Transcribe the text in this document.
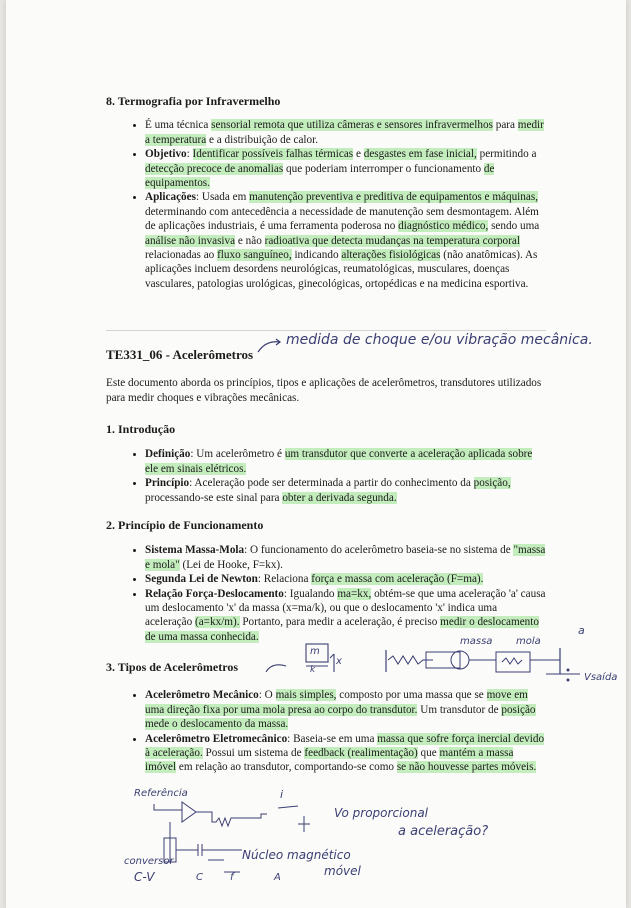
8. Termografia por Infravermelho
• É uma técnica sensorial remota que utiliza câmeras e sensores infravermelhos para medir a temperatura e a distribuição de calor.
• Objetivo: Identificar possíveis falhas térmicas e desgastes em fase inicial, permitindo a detecção precoce de anomalias que poderiam interromper o funcionamento de equipamentos.
• Aplicações: Usada em manutenção preventiva e preditiva de equipamentos e máquinas, determinando com antecedência a necessidade de manutenção sem desmontagem. Além de aplicações industriais, é uma ferramenta poderosa no diagnóstico médico, sendo uma análise não invasiva e não radioativa que detecta mudanças na temperatura corporal relacionadas ao fluxo sanguíneo, indicando alterações fisiológicas (não anatômicas). As aplicações incluem desordens neurológicas, reumatológicas, musculares, doenças vasculares, patologias urológicas, ginecológicas, ortopédicas e na medicina esportiva.
TE331_06 - Acelerômetros

Este documento aborda os princípios, tipos e aplicações de acelerômetros, transdutores utilizados para medir choques e vibrações mecânicas.

1. Introdução
• Definição: Um acelerômetro é um transdutor que converte a aceleração aplicada sobre ele em sinais elétricos.
• Princípio: Aceleração pode ser determinada a partir do conhecimento da posição, processando-se este sinal para obter a derivada segunda.
2. Princípio de Funcionamento
• Sistema Massa-Mola: O funcionamento do acelerômetro baseia-se no sistema de "massa e mola" (Lei de Hooke, F=kx).
• Segunda Lei de Newton: Relaciona força e massa com aceleração (F=ma).
• Relação Força-Deslocamento: Igualando ma=kx, obtém-se que uma aceleração 'a' causa um deslocamento 'x' da massa (x=ma/k), ou que o deslocamento 'x' indica uma aceleração (a=kx/m). Portanto, para medir a aceleração, é preciso medir o deslocamento de uma massa conhecida.
3. Tipos de Acelerômetros
• Acelerômetro Mecânico: O mais simples, composto por uma massa que se move em uma direção fixa por uma mola presa ao corpo do transdutor. Um transdutor de posição mede o deslocamento da massa.
• Acelerômetro Eletromecânico: Baseia-se em uma massa que sofre força inercial devido à aceleração. Possui um sistema de feedback (realimentação) que mantém a massa imóvel em relação ao transdutor, comportando-se como se não houvesse partes móveis.
medida de choque e/ou vibração mecânica.
massa mola
a
Vsaída
m
k
x
Referência	i
Vo proporcional
a aceleração?
conversor
C-V	C	f	A
Núcleo magnético
móvel
